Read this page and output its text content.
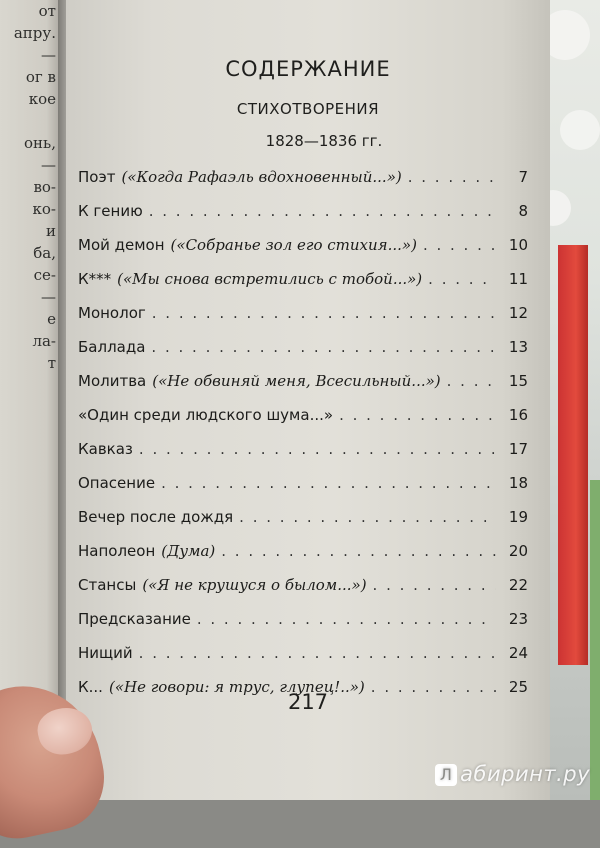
от
апру.
—
ог в
кое
онь,
—
во-
ко-
и
ба,
се-
—
е
ла-
т
СОДЕРЖАНИЕ
СТИХОТВОРЕНИЯ
1828—1836 гг.
Поэт («Когда Рафаэль вдохновенный...») . . .	7
К гению . . .	8
Мой демон («Собранье зол его стихия...») . . .	10
К*** («Мы снова встретились с тобой...») . . .	11
Монолог . . .	12
Баллада . . .	13
Молитва («Не обвиняй меня, Всесильный...») . . .	15
«Один среди людского шума...» . . .	16
Кавказ . . .	17
Опасение . . .	18
Вечер после дождя . . .	19
Наполеон (Дума) . . .	20
Стансы («Я не крушуся о былом...») . . .	22
Предсказание . . .	23
Нищий . . .	24
К... («Не говори: я трус, глупец!..») . . .	25
217
Л абиринт.ру
